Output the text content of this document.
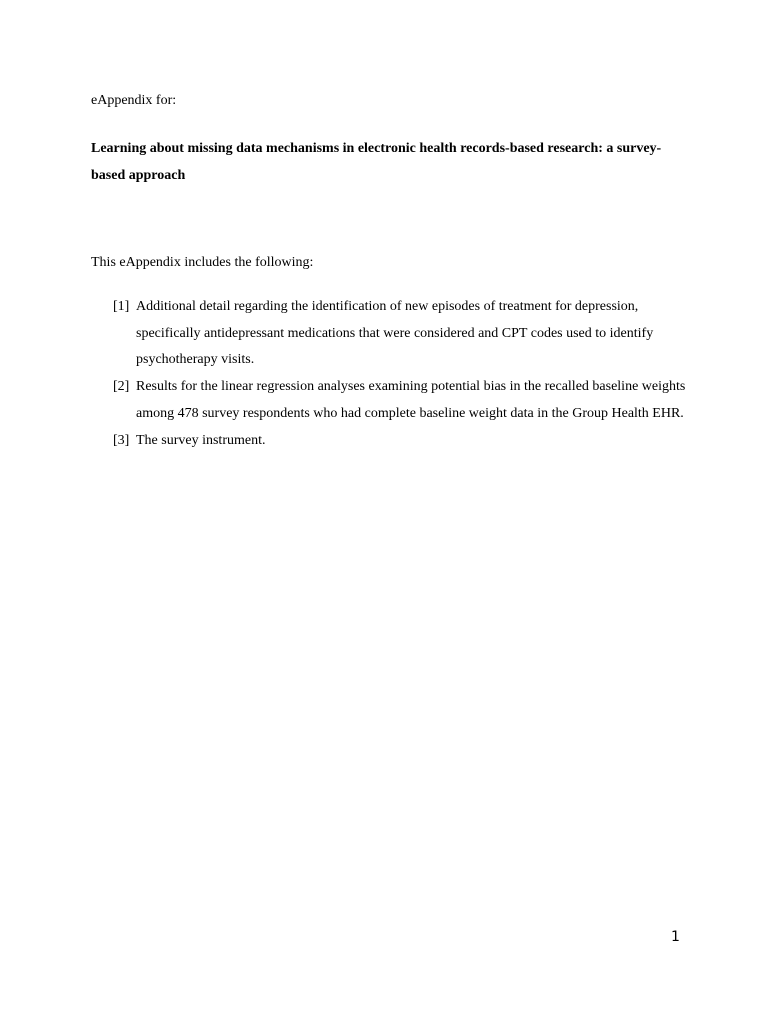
eAppendix for:
Learning about missing data mechanisms in electronic health records-based research: a survey-based approach
This eAppendix includes the following:
[1] Additional detail regarding the identification of new episodes of treatment for depression, specifically antidepressant medications that were considered and CPT codes used to identify psychotherapy visits.
[2] Results for the linear regression analyses examining potential bias in the recalled baseline weights among 478 survey respondents who had complete baseline weight data in the Group Health EHR.
[3] The survey instrument.
1
